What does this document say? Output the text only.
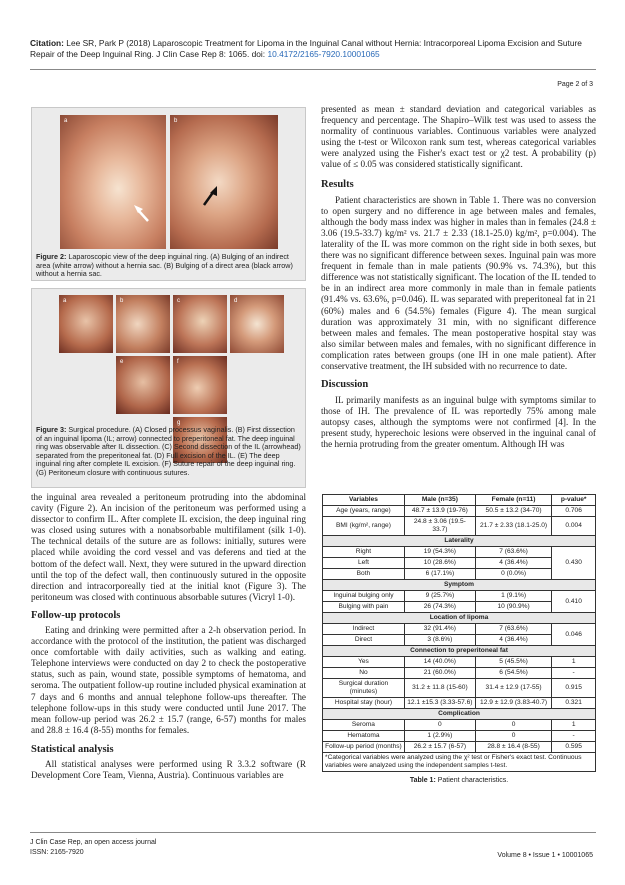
Citation: Lee SR, Park P (2018) Laparoscopic Treatment for Lipoma in the Inguinal Canal without Hernia: Intracorporeal Lipoma Excision and Suture Repair of the Deep Inguinal Ring. J Clin Case Rep 8: 1065. doi: 10.4172/2165-7920.10001065
Page 2 of 3
a	b
Figure 2: Laparoscopic view of the deep inguinal ring. (A) Bulging of an indirect area (white arrow) without a hernia sac. (B) Bulging of a direct area (black arrow) without a hernia sac.
a	b	c	d
e	f
g
Figure 3: Surgical procedure. (A) Closed processus vaginalis. (B) First dissection of an inguinal lipoma (IL; arrow) connected to preperitoneal fat. The deep inguinal ring was observable after IL dissection. (C) Second dissection of the IL (arrowhead) separated from the preperitoneal fat. (D) Full excision of the IL. (E) The deep inguinal ring after complete IL excision. (F) Suture repair of the deep inguinal ring. (G) Peritoneum closure with continuous sutures.

the inguinal area revealed a peritoneum protruding into the abdominal cavity (Figure 2). An incision of the peritoneum was performed using a dissector to confirm IL. After complete IL excision, the deep inguinal ring was closed using sutures with a nonabsorbable multifilament (silk 1-0). The technical details of the suture are as follows: initially, sutures were placed while avoiding the cord vessel and vas deferens and tied at the bottom of the defect wall. Next, they were sutured in the upward direction until the top of the defect wall, then continuously sutured in the opposite direction and intracorporeally tied at the initial knot (Figure 3). The peritoneum was closed with continuous absorbable sutures (Vicryl 1-0).

Follow-up protocols

Eating and drinking were permitted after a 2-h observation period. In accordance with the protocol of the institution, the patient was discharged once comfortable with daily activities, such as walking and eating. Telephone interviews were conducted on day 2 to check the postoperative status, such as pain, wound state, possible symptoms of hematoma, and seroma. The outpatient follow-up routine included physical examination at 7 days and 6 months and annual telephone follow-ups thereafter. The telephone follow-ups in this study were conducted until June 2017. The mean follow-up period was 26.2 ± 15.7 (range, 6-57) months for males and 28.8 ± 16.4 (8-55) months for females.

Statistical analysis

All statistical analyses were performed using R 3.3.2 software (R Development Core Team, Vienna, Austria). Continuous variables are

presented as mean ± standard deviation and categorical variables as frequency and percentage. The Shapiro–Wilk test was used to assess the normality of continuous variables. Continuous variables were analyzed using the t-test or Wilcoxon rank sum test, whereas categorical variables were analyzed using the Fisher's exact test or χ2 test. A probability (p) value of ≤ 0.05 was considered statistically significant.

Results

Patient characteristics are shown in Table 1. There was no conversion to open surgery and no difference in age between males and females, although the body mass index was higher in males than in females (24.8 ± 3.06 (19.5-33.7) kg/m² vs. 21.7 ± 2.33 (18.1-25.0) kg/m², p=0.004). The laterality of the IL was more common on the right side in both sexes, but there was no significant difference between sexes. Inguinal pain was more frequent in female than in male patients (90.9% vs. 74.3%), but this difference was not statistically significant. The location of the IL tended to be in an indirect area more commonly in male than in female patients (91.4% vs. 63.6%, p=0.046). IL was separated with preperitoneal fat in 21 (60%) males and 6 (54.5%) females (Figure 4). The mean surgical duration was approximately 31 min, with no significant difference between males and females. The mean postoperative hospital stay was also similar between males and females, with no significant difference in complication rates between groups (one IH in one male patient). After conservative treatment, the IH subsided with no recurrence to date.

Discussion

IL primarily manifests as an inguinal bulge with symptoms similar to those of IH. The prevalence of IL was reportedly 75% among male autopsy cases, although the symptoms were not confirmed [4]. In the present study, hyperechoic lesions were observed in the inguinal canal of the hernia protruding from the greater omentum. Although IH was

Variables	Male (n=35)	Female (n=11)	p-value*
Age (years, range)	48.7 ± 13.9 (19-76)	50.5 ± 13.2 (34-70)	0.706
BMI (kg/m², range)	24.8 ± 3.06 (19.5-33.7)	21.7 ± 2.33 (18.1-25.0)	0.004
Laterality			
Right	19 (54.3%)	7 (63.6%)	0.430
Left	10 (28.6%)	4 (36.4%)	
Both	6 (17.1%)	0 (0.0%)	
Symptom			
Inguinal bulging only	9 (25.7%)	1 (9.1%)	0.410
Bulging with pain	26 (74.3%)	10 (90.9%)	
Location of lipoma			
Indirect	32 (91.4%)	7 (63.6%)	0.046
Direct	3 (8.6%)	4 (36.4%)	
Connection to preperitoneal fat			
Yes	14 (40.0%)	5 (45.5%)	1
No	21 (60.0%)	6 (54.5%)	-
Surgical duration (minutes)	31.2 ± 11.8 (15-60)	31.4 ± 12.9 (17-55)	0.915
Hospital stay (hour)	12.1 ±15.3 (3.33-57.6)	12.9 ± 12.9 (3.83-40.7)	0.321
Complication			
Seroma	0	0	1
Hematoma	1 (2.9%)	0	-
Follow-up period (months)	26.2 ± 15.7 (6-57)	28.8 ± 16.4 (8-55)	0.595
*Categorical variables were analyzed using the χ² test or Fisher's exact test. Continuous variables were analyzed using the independent samples t-test.
Table 1: Patient characteristics.
J Clin Case Rep, an open access journal
ISSN: 2165-7920	Volume 8 • Issue 1 • 10001065
